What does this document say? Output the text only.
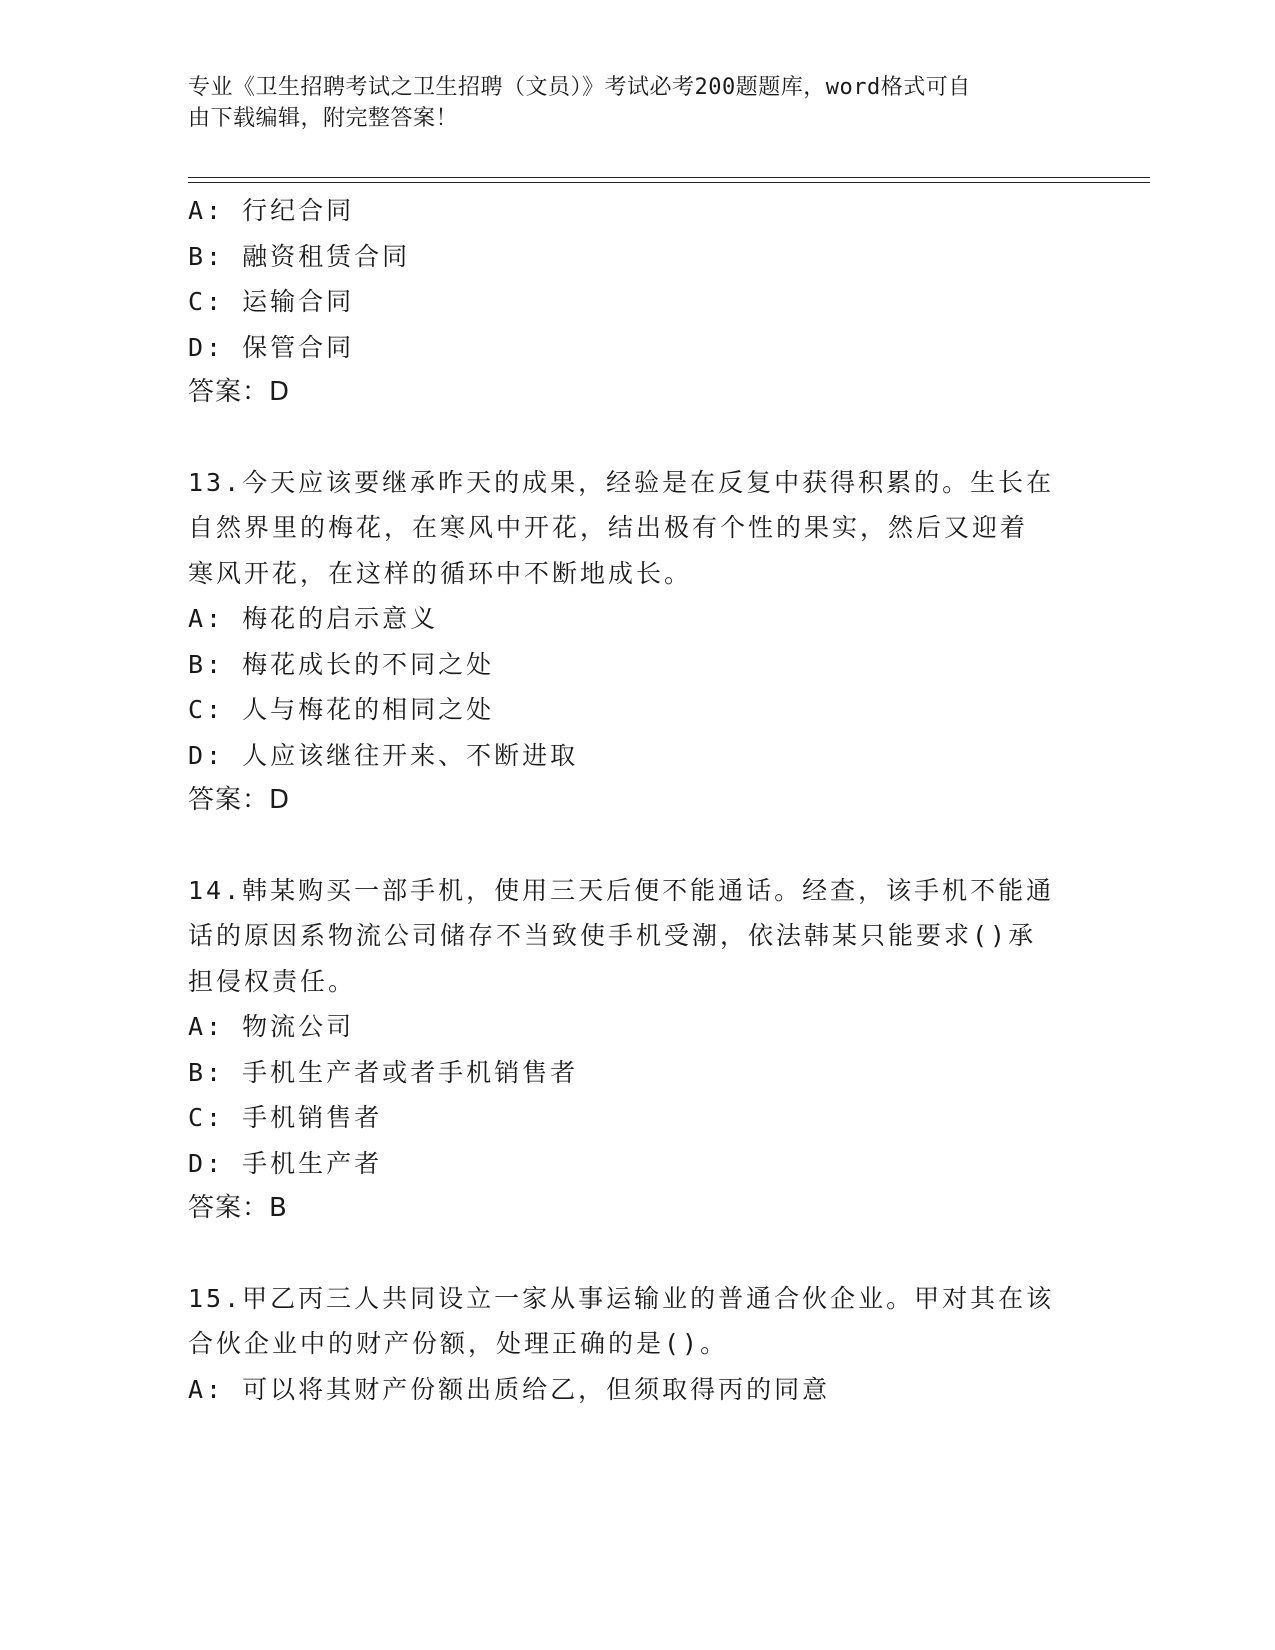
专业《卫生招聘考试之卫生招聘（文员）》考试必考200题题库，word格式可自
由下载编辑，附完整答案！
A: 行纪合同
B: 融资租赁合同
C: 运输合同
D: 保管合同
答案：D
13.今天应该要继承昨天的成果，经验是在反复中获得积累的。生长在
自然界里的梅花，在寒风中开花，结出极有个性的果实，然后又迎着
寒风开花，在这样的循环中不断地成长。
A: 梅花的启示意义
B: 梅花成长的不同之处
C: 人与梅花的相同之处
D: 人应该继往开来、不断进取
答案：D
14.韩某购买一部手机，使用三天后便不能通话。经查，该手机不能通
话的原因系物流公司储存不当致使手机受潮，依法韩某只能要求()承
担侵权责任。
A: 物流公司
B: 手机生产者或者手机销售者
C: 手机销售者
D: 手机生产者
答案：B
15.甲乙丙三人共同设立一家从事运输业的普通合伙企业。甲对其在该
合伙企业中的财产份额，处理正确的是()。
A: 可以将其财产份额出质给乙，但须取得丙的同意
